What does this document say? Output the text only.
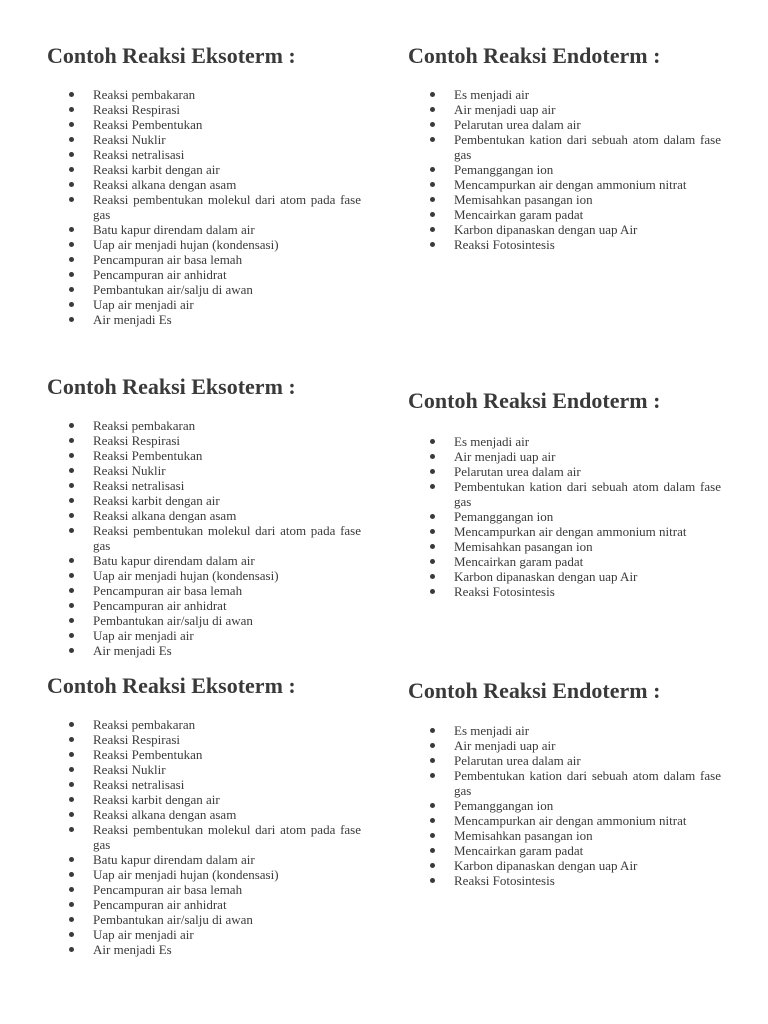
Contoh Reaksi Eksoterm :
Reaksi pembakaran
Reaksi Respirasi
Reaksi Pembentukan
Reaksi Nuklir
Reaksi netralisasi
Reaksi karbit dengan air
Reaksi alkana dengan asam
Reaksi pembentukan molekul dari atom pada fase gas
Batu kapur direndam dalam air
Uap air menjadi hujan (kondensasi)
Pencampuran air basa lemah
Pencampuran air anhidrat
Pembantukan air/salju di awan
Uap air menjadi air
Air menjadi Es
Contoh Reaksi Endoterm :
Es menjadi air
Air menjadi uap air
Pelarutan urea dalam air
Pembentukan kation dari sebuah atom dalam fase gas
Pemanggangan ion
Mencampurkan air dengan ammonium nitrat
Memisahkan pasangan ion
Mencairkan garam padat
Karbon dipanaskan dengan uap Air
Reaksi Fotosintesis
Contoh Reaksi Eksoterm :
Reaksi pembakaran
Reaksi Respirasi
Reaksi Pembentukan
Reaksi Nuklir
Reaksi netralisasi
Reaksi karbit dengan air
Reaksi alkana dengan asam
Reaksi pembentukan molekul dari atom pada fase gas
Batu kapur direndam dalam air
Uap air menjadi hujan (kondensasi)
Pencampuran air basa lemah
Pencampuran air anhidrat
Pembantukan air/salju di awan
Uap air menjadi air
Air menjadi Es
Contoh Reaksi Endoterm :
Es menjadi air
Air menjadi uap air
Pelarutan urea dalam air
Pembentukan kation dari sebuah atom dalam fase gas
Pemanggangan ion
Mencampurkan air dengan ammonium nitrat
Memisahkan pasangan ion
Mencairkan garam padat
Karbon dipanaskan dengan uap Air
Reaksi Fotosintesis
Contoh Reaksi Eksoterm :
Reaksi pembakaran
Reaksi Respirasi
Reaksi Pembentukan
Reaksi Nuklir
Reaksi netralisasi
Reaksi karbit dengan air
Reaksi alkana dengan asam
Reaksi pembentukan molekul dari atom pada fase gas
Batu kapur direndam dalam air
Uap air menjadi hujan (kondensasi)
Pencampuran air basa lemah
Pencampuran air anhidrat
Pembantukan air/salju di awan
Uap air menjadi air
Air menjadi Es
Contoh Reaksi Endoterm :
Es menjadi air
Air menjadi uap air
Pelarutan urea dalam air
Pembentukan kation dari sebuah atom dalam fase gas
Pemanggangan ion
Mencampurkan air dengan ammonium nitrat
Memisahkan pasangan ion
Mencairkan garam padat
Karbon dipanaskan dengan uap Air
Reaksi Fotosintesis
